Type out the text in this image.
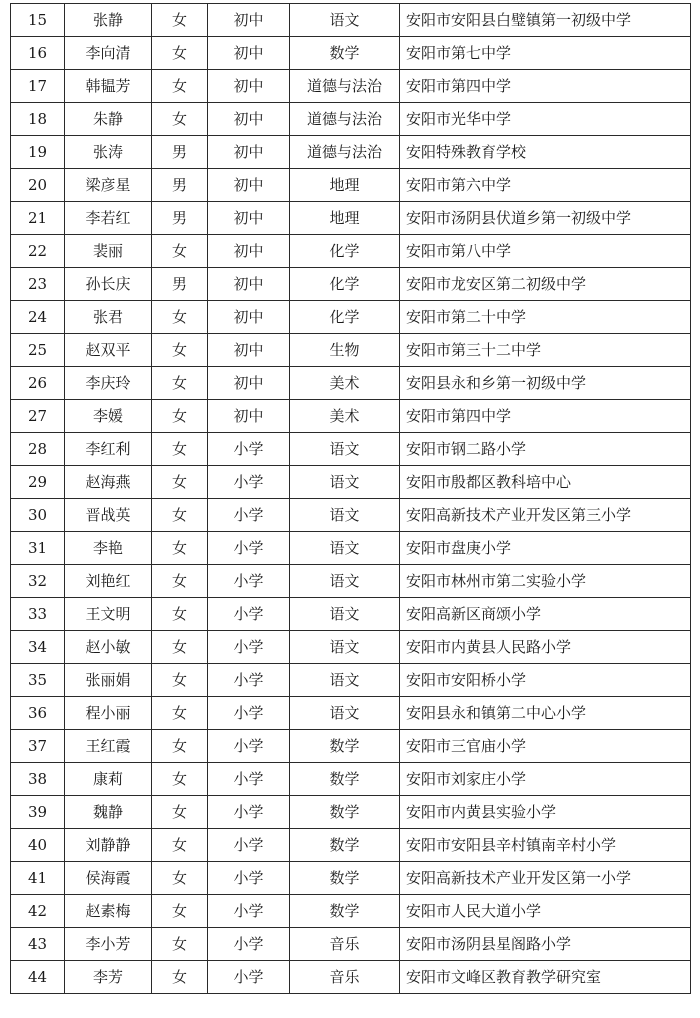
15	张静	女	初中	语文	安阳市安阳县白璧镇第一初级中学
16	李向清	女	初中	数学	安阳市第七中学
17	韩韫芳	女	初中	道德与法治	安阳市第四中学
18	朱静	女	初中	道德与法治	安阳市光华中学
19	张涛	男	初中	道德与法治	安阳特殊教育学校
20	梁彦星	男	初中	地理	安阳市第六中学
21	李若红	男	初中	地理	安阳市汤阴县伏道乡第一初级中学
22	裴丽	女	初中	化学	安阳市第八中学
23	孙长庆	男	初中	化学	安阳市龙安区第二初级中学
24	张君	女	初中	化学	安阳市第二十中学
25	赵双平	女	初中	生物	安阳市第三十二中学
26	李庆玲	女	初中	美术	安阳县永和乡第一初级中学
27	李媛	女	初中	美术	安阳市第四中学
28	李红利	女	小学	语文	安阳市钢二路小学
29	赵海燕	女	小学	语文	安阳市殷都区教科培中心
30	晋战英	女	小学	语文	安阳高新技术产业开发区第三小学
31	李艳	女	小学	语文	安阳市盘庚小学
32	刘艳红	女	小学	语文	安阳市林州市第二实验小学
33	王文明	女	小学	语文	安阳高新区商颂小学
34	赵小敏	女	小学	语文	安阳市内黄县人民路小学
35	张丽娟	女	小学	语文	安阳市安阳桥小学
36	程小丽	女	小学	语文	安阳县永和镇第二中心小学
37	王红霞	女	小学	数学	安阳市三官庙小学
38	康莉	女	小学	数学	安阳市刘家庄小学
39	魏静	女	小学	数学	安阳市内黄县实验小学
40	刘静静	女	小学	数学	安阳市安阳县辛村镇南辛村小学
41	侯海霞	女	小学	数学	安阳高新技术产业开发区第一小学
42	赵素梅	女	小学	数学	安阳市人民大道小学
43	李小芳	女	小学	音乐	安阳市汤阴县星阁路小学
44	李芳	女	小学	音乐	安阳市文峰区教育教学研究室
